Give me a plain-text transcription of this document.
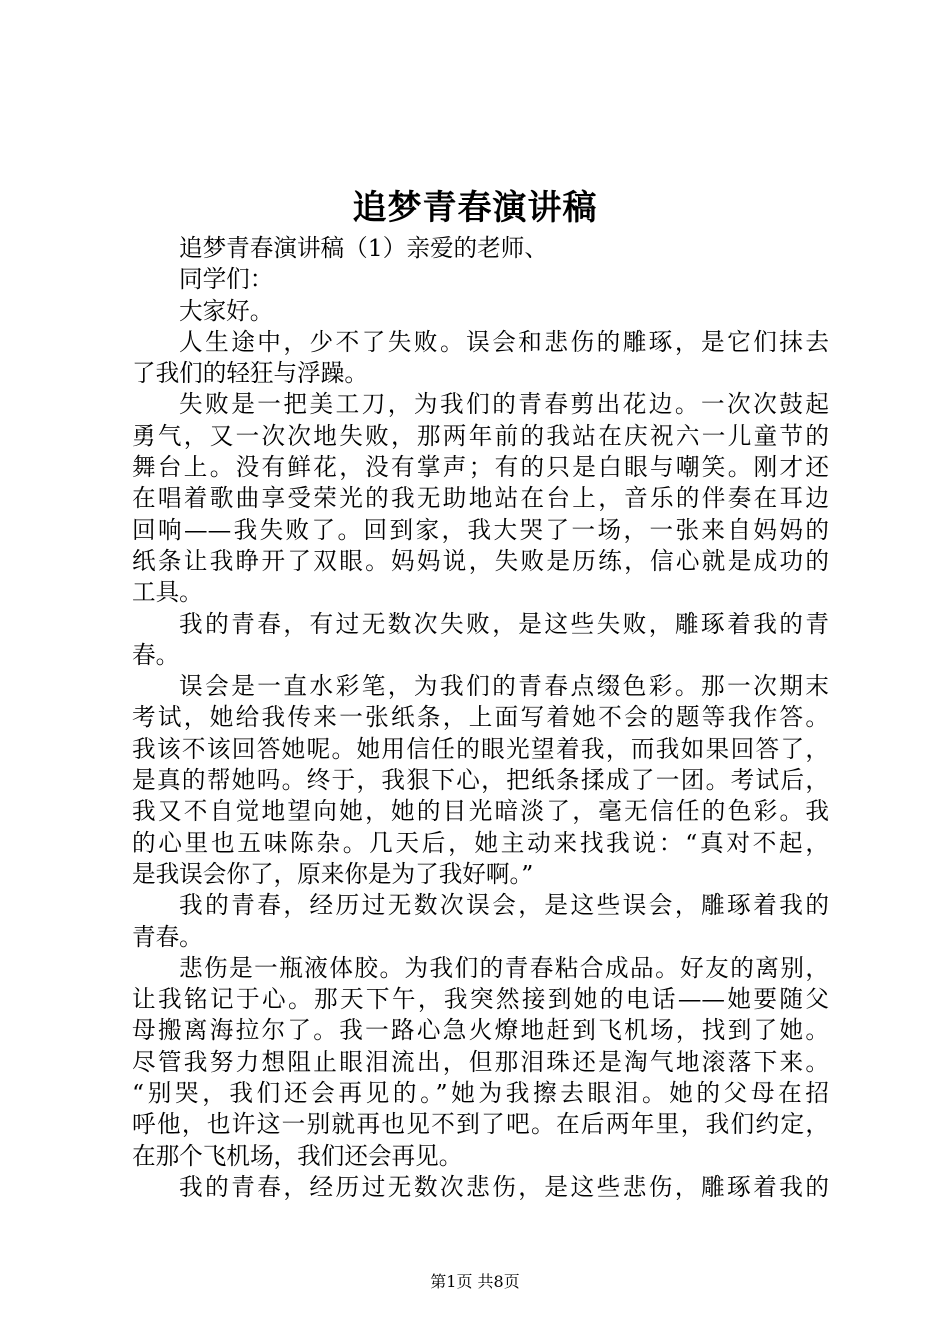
追梦青春演讲稿
追梦青春演讲稿（1）亲爱的老师、
同学们：
大家好。
人生途中，少不了失败。误会和悲伤的雕琢，是它们抹去
了我们的轻狂与浮躁。
失败是一把美工刀，为我们的青春剪出花边。一次次鼓起
勇气，又一次次地失败，那两年前的我站在庆祝六一儿童节的
舞台上。没有鲜花，没有掌声；有的只是白眼与嘲笑。刚才还
在唱着歌曲享受荣光的我无助地站在台上，音乐的伴奏在耳边
回响——我失败了。回到家，我大哭了一场，一张来自妈妈的
纸条让我睁开了双眼。妈妈说，失败是历练，信心就是成功的
工具。
我的青春，有过无数次失败，是这些失败，雕琢着我的青
春。
误会是一直水彩笔，为我们的青春点缀色彩。那一次期末
考试，她给我传来一张纸条，上面写着她不会的题等我作答。
我该不该回答她呢。她用信任的眼光望着我，而我如果回答了，
是真的帮她吗。终于，我狠下心，把纸条揉成了一团。考试后，
我又不自觉地望向她，她的目光暗淡了，毫无信任的色彩。我
的心里也五味陈杂。几天后，她主动来找我说：“真对不起，
是我误会你了，原来你是为了我好啊。”
我的青春，经历过无数次误会，是这些误会，雕琢着我的
青春。
悲伤是一瓶液体胶。为我们的青春粘合成品。好友的离别，
让我铭记于心。那天下午，我突然接到她的电话——她要随父
母搬离海拉尔了。我一路心急火燎地赶到飞机场，找到了她。
尽管我努力想阻止眼泪流出，但那泪珠还是淘气地滚落下来。
“别哭，我们还会再见的。”她为我擦去眼泪。她的父母在招
呼他，也许这一别就再也见不到了吧。在后两年里，我们约定，
在那个飞机场，我们还会再见。
我的青春，经历过无数次悲伤，是这些悲伤，雕琢着我的
第1页 共8页
